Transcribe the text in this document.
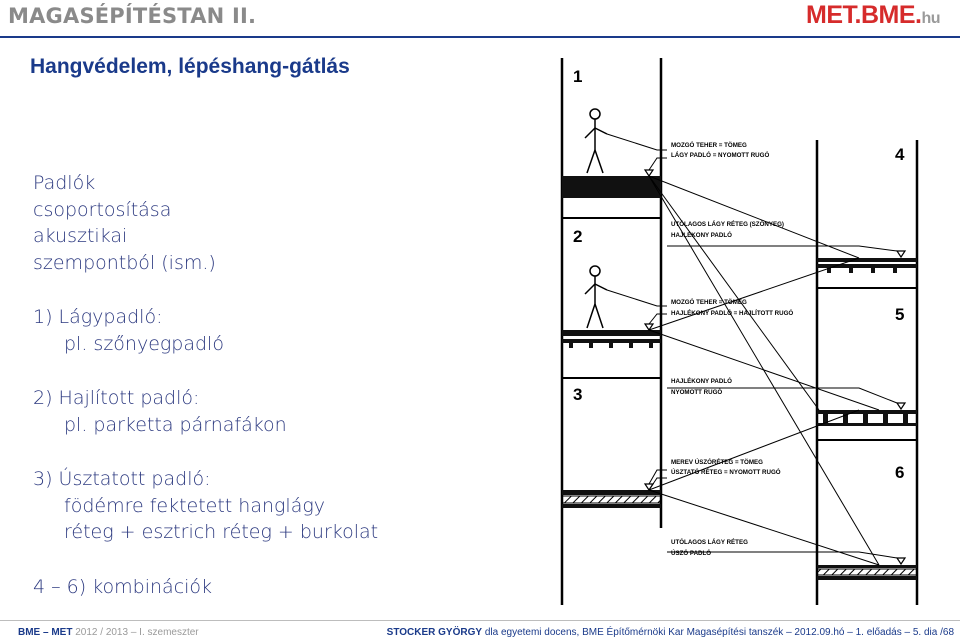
MAGASÉPÍTÉSTAN II.	MET.BME.hu
Hangvédelem, lépéshang-gátlás
Padlók
csoportosítása
akusztikai
szempontból (ism.)
1) Lágypadló:
pl. szőnyegpadló
2) Hajlított padló:
pl. parketta párnafákon
3) Úsztatott padló:
födémre fektetett hanglágy
réteg + esztrich réteg + burkolat
4 – 6) kombinációk
1
2
3
4
5
6
MOZGÓ TEHER = TÖMEG
LÁGY PADLÓ = NYOMOTT RUGÓ
UTÓLAGOS LÁGY RÉTEG (SZŐNYEG)
HAJLÉKONY PADLÓ
MOZGÓ TEHER = TÖMEG
HAJLÉKONY PADLÓ = HAJLÍTOTT RUGÓ
HAJLÉKONY PADLÓ
NYOMOTT RUGÓ
MEREV ÚSZÓRÉTEG = TÖMEG
ÚSZTATÓ RÉTEG = NYOMOTT RUGÓ
UTÓLAGOS LÁGY RÉTEG
ÚSZÓ PADLÓ
BME – MET 2012 / 2013 – I. szemeszter	STOCKER GYÖRGY dla egyetemi docens, BME Építőmérnöki Kar Magasépítési tanszék – 2012.09.hó – 1. előadás – 5. dia /68
